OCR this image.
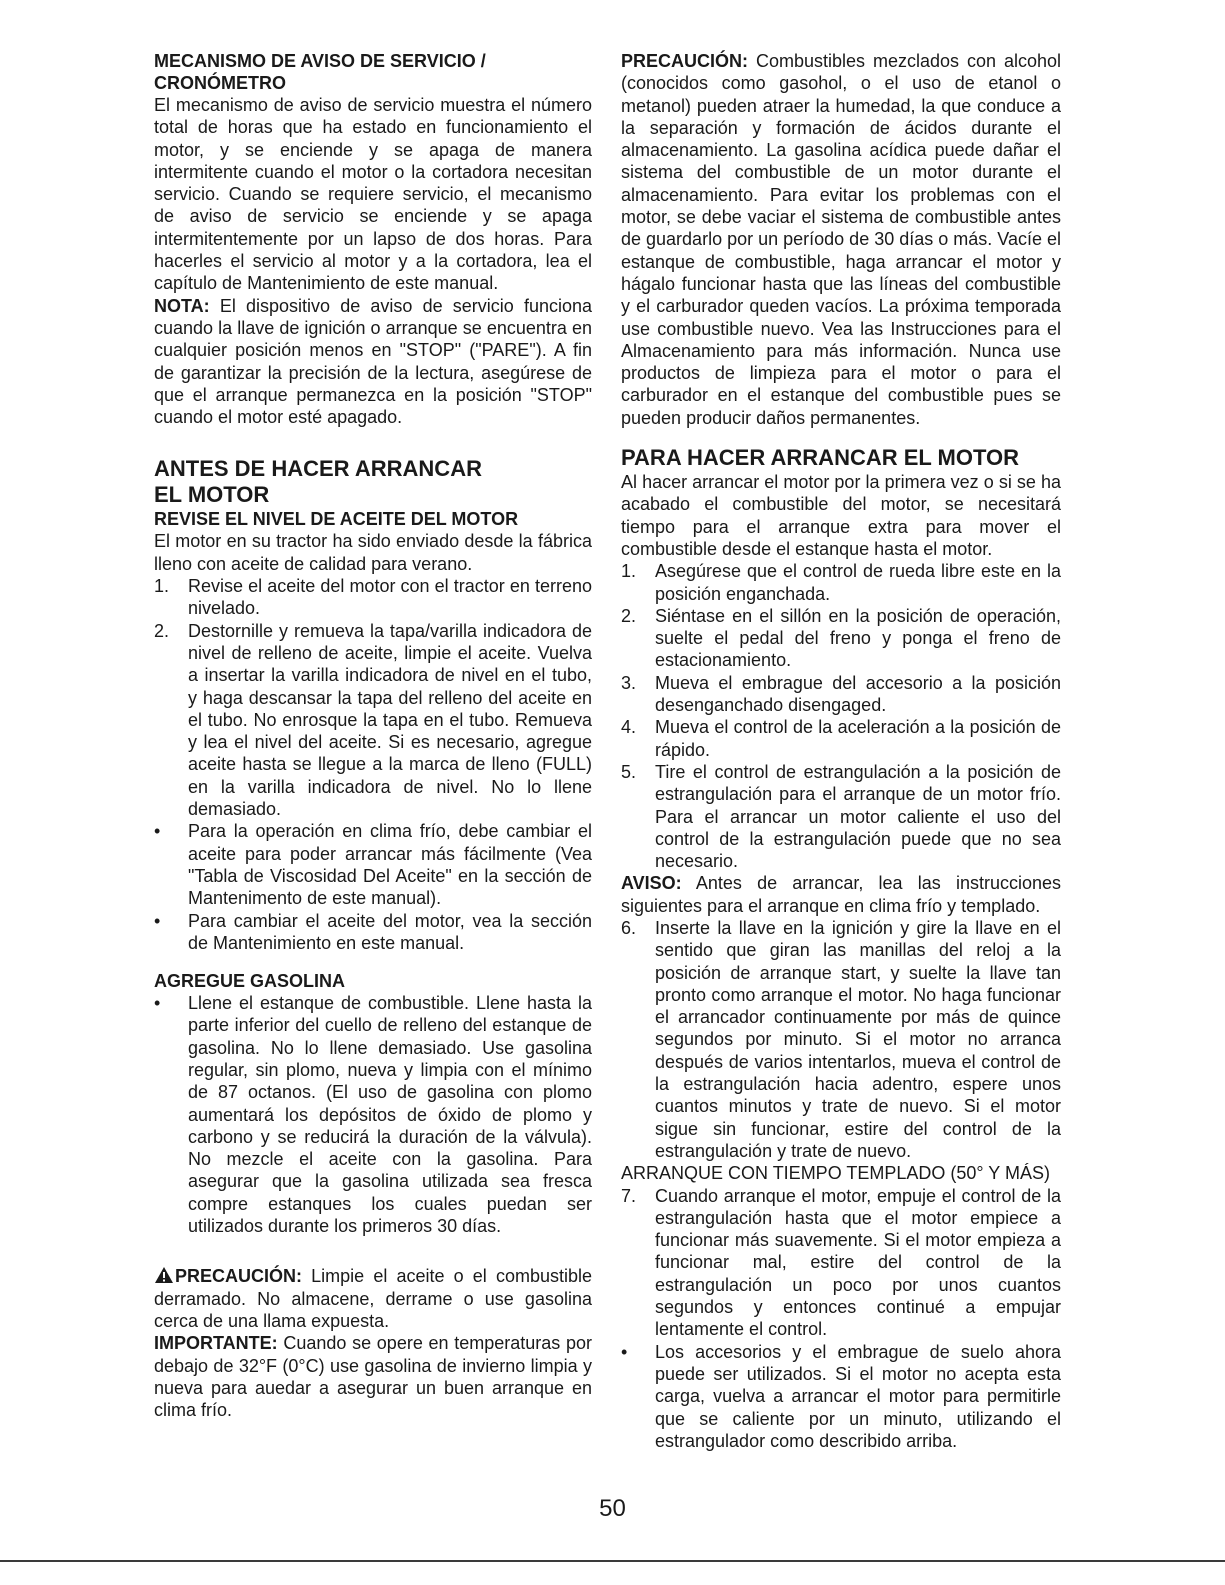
MECANISMO DE AVISO DE SERVICIO /
CRONÓMETRO

El mecanismo de aviso de servicio muestra el número total de horas que ha estado en funcionamiento el motor, y se enciende y se apaga de manera intermitente cuando el motor o la cortadora necesitan servicio. Cuando se requiere servicio, el mecanismo de aviso de servicio se enciende y se apaga intermitentemente por un lapso de dos horas. Para hacerles el servicio al motor y a la cortadora, lea el capítulo de Mantenimiento de este manual.

NOTA: El dispositivo de aviso de servicio funciona cuando la llave de ignición o arranque se encuentra en cualquier posición menos en "STOP" ("PARE"). A fin de garantizar la precisión de la lectura, asegúrese de que el arranque permanezca en la posición "STOP" cuando el motor esté apagado.

ANTES DE HACER ARRANCAR
EL MOTOR

REVISE EL NIVEL DE ACEITE DEL MOTOR

El motor en su tractor ha sido enviado desde la fábrica lleno con aceite de calidad para verano.

1.	Revise el aceite del motor con el tractor en terreno nivelado.
2.	Destornille y remueva la tapa/varilla indicadora de nivel de relleno de aceite, limpie el aceite. Vuelva a insertar la varilla indicadora de nivel en el tubo, y haga descansar la tapa del relleno del aceite en el tubo. No enrosque la tapa en el tubo. Remueva y lea el nivel del aceite. Si es necesario, agregue aceite hasta se llegue a la marca de lleno (FULL) en la varilla indicadora de nivel. No lo llene demasiado.
•	Para la operación en clima frío, debe cambiar el aceite para poder arrancar más fácilmente (Vea "Tabla de Viscosidad Del Aceite" en la sección de Mantenimento de este manual).
•	Para cambiar el aceite del motor, vea la sección de Mantenimiento en este manual.

AGREGUE GASOLINA

•	Llene el estanque de combustible. Llene hasta la parte inferior del cuello de relleno del estanque de gasolina. No lo llene demasiado. Use gasolina regular, sin plomo, nueva y limpia con el mínimo de 87 octanos. (El uso de gasolina con plomo aumentará los depósitos de óxido de plomo y carbono y se reducirá la duración de la válvula). No mezcle el aceite con la gasolina. Para asegurar que la gasolina utilizada sea fresca compre estanques los cuales puedan ser utilizados durante los primeros 30 días.

PRECAUCIÓN: Limpie el aceite o el combustible derramado. No almacene, derrame o use gasolina cerca de una llama expuesta.

IMPORTANTE: Cuando se opere en temperaturas por debajo de 32°F (0°C) use gasolina de invierno limpia y nueva para auedar a asegurar un buen arranque en clima frío.

PRECAUCIÓN: Combustibles mezclados con alcohol (conocidos como gasohol, o el uso de etanol o metanol) pueden atraer la humedad, la que conduce a la separación y formación de ácidos durante el almacenamiento. La gasolina acídica puede dañar el sistema del combustible de un motor durante el almacenamiento. Para evitar los problemas con el motor, se debe vaciar el sistema de combustible antes de guardarlo por un período de 30 días o más. Vacíe el estanque de combustible, haga arrancar el motor y hágalo funcionar hasta que las líneas del combustible y el carburador queden vacíos. La próxima temporada use combustible nuevo. Vea las Instrucciones para el Almacenamiento para más información. Nunca use productos de limpieza para el motor o para el carburador en el estanque del combustible pues se pueden producir daños permanentes.

PARA HACER ARRANCAR EL MOTOR

Al hacer arrancar el motor por la primera vez o si se ha acabado el combustible del motor, se necesitará tiempo para el arranque extra para mover el combustible desde el estanque hasta el motor.

1.	Asegúrese que el control de rueda libre este en la posición enganchada.
2.	Siéntase en el sillón en la posición de operación, suelte el pedal del freno y ponga el freno de estacionamiento.
3.	Mueva el embrague del accesorio a la posición desenganchado disengaged.
4.	Mueva el control de la aceleración a la posición de rápido.
5.	Tire el control de estrangulación a la posición de estrangulación para el arranque de un motor frío. Para el arrancar un motor caliente el uso del control de la estrangulación puede que no sea necesario.

AVISO: Antes de arrancar, lea las instrucciones siguientes para el arranque en clima frío y templado.

6.	Inserte la llave en la ignición y gire la llave en el sentido que giran las manillas del reloj a la posición de arranque start, y suelte la llave tan pronto como arranque el motor. No haga funcionar el arrancador continuamente por más de quince segundos por minuto. Si el motor no arranca después de varios intentarlos, mueva el control de la estrangulación hacia adentro, espere unos cuantos minutos y trate de nuevo. Si el motor sigue sin funcionar, estire del control de la estrangulación y trate de nuevo.

ARRANQUE CON TIEMPO TEMPLADO (50° Y MÁS)

7.	Cuando arranque el motor, empuje el control de la estrangulación hasta que el motor empiece a funcionar más suavemente. Si el motor empieza a funcionar mal, estire del control de la estrangulación un poco por unos cuantos segundos y entonces continué a empujar lentamente el control.
•	Los accesorios y el embrague de suelo ahora puede ser utilizados. Si el motor no acepta esta carga, vuelva a arrancar el motor para permitirle que se caliente por un minuto, utilizando el estrangulador como describido arriba.
50
